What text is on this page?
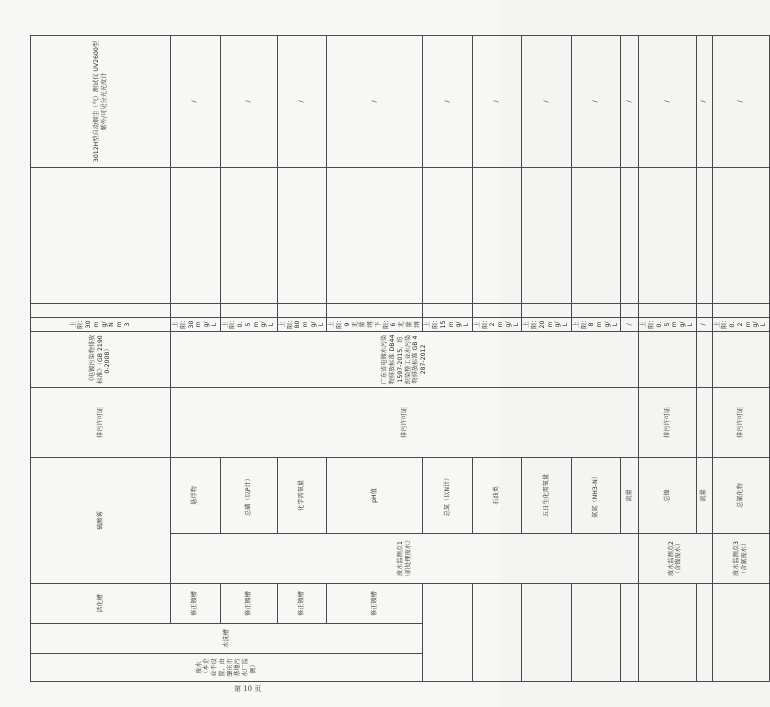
废水（本企业不设置，由肇庆市基地污水厂监测）	水洗槽	活化槽	硫酸雾		排污许可证	《电镀污染物排放标准》（GB 21900-2008）	上限：30mg/Nm3			3012H型自动烟尘（气）测试仪 UV2600型紫外/可见分光光度计	
		修正镀槽	废水监测点1（前处理废水）	悬浮物	排污许可证	广东省电镀水污染物排放标准 DB441597-2015，纺织染整工业水污染物排放标准 GB 4287-2012	上限：30mg/L			/	
		修正镀槽		总磷（以P计）			上限：0.5mg/L			/	
		修正镀槽		化学需氧量			上限：80mg/L			/	
		修正镀槽		pH值			上限：9无量纲 下限：6无量纲			/	
				总氮（以N计）			上限：15mg/L			/	
				石油类			上限：2mg/L			/	
				五日生化需氧量			上限：20mg/L			/	
				氨氮（NH3-N）			上限：8mg/L			/	
				流量			/			/	
			废水监测点2（含镍废水）	总镍	排污许可证		上限：0.5mg/L			/	
				流量			/			/	
			废水监测点3（含氰废水）	总氰化物	排污许可证		上限：0.2mg/L			/	
第 10 页
